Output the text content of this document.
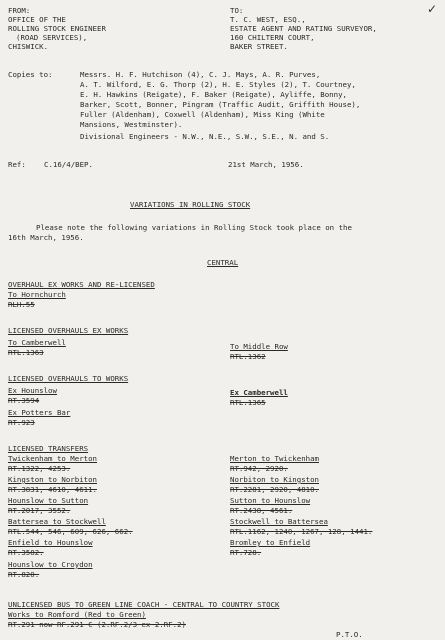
✓
FROM:
OFFICE OF THE
ROLLING STOCK ENGINEER
(ROAD SERVICES),
CHISWICK.
TO:
T. C. WEST, ESQ.,
ESTATE AGENT AND RATING SURVEYOR,
160 CHILTERN COURT,
BAKER STREET.
Copies to:	Messrs. H. F. Hutchison (4), C. J. Mays, A. R. Purves,
A. T. Wilford, E. G. Thorp (2), H. E. Styles (2), T. Courtney,
E. H. Hawkins (Reigate), F. Baker (Reigate), Ayliffe, Bonny,
Barker, Scott, Bonner, Pingram (Traffic Audit, Griffith House),
Fuller (Aldenham), Coxwell (Aldenham), Miss King (White
Mansions, Westminster).
Divisional Engineers - N.W., N.E., S.W., S.E., N. and S.
Ref: C.16/4/BEP.	21st March, 1956.
VARIATIONS IN ROLLING STOCK
Please note the following variations in Rolling Stock took place on the
16th March, 1956.
CENTRAL
OVERHAUL EX WORKS AND RE-LICENSED
To Hornchurch
RLH.55
LICENSED OVERHAULS EX WORKS
To Camberwell
RTL.1363
To Middle Row
RTL.1362
LICENSED OVERHAULS TO WORKS
Ex Hounslow
RT.3594
Ex Potters Bar
RT.923
Ex Camberwell
RTL.1365
LICENSED TRANSFERS
Twickenham to Merton
RT.1322, 4253.
Kingston to Norbiton
RT.3831, 4610, 4611.
Hounslow to Sutton
RT.2017, 3552.
Battersea to Stockwell
RTL.544, 546, 609, 626, 662.
Enfield to Hounslow
RT.3582.
Hounslow to Croydon
RT.820.
Merton to Twickenham
RT.942, 2920.
Norbiton to Kingston
RT.2281, 2920, 4810.
Sutton to Hounslow
RT.2438, 4561.
Stockwell to Battersea
RTL.1162, 1240, 1267, 128, 1441.
Bromley to Enfield
RT.728.
UNLICENSED BUS TO GREEN LINE COACH - CENTRAL TO COUNTRY STOCK
Works to Romford (Red to Green)
RT.291 now RF.291 C (2.RF.2/3 ex 2.RF.2)
P.T.O.
